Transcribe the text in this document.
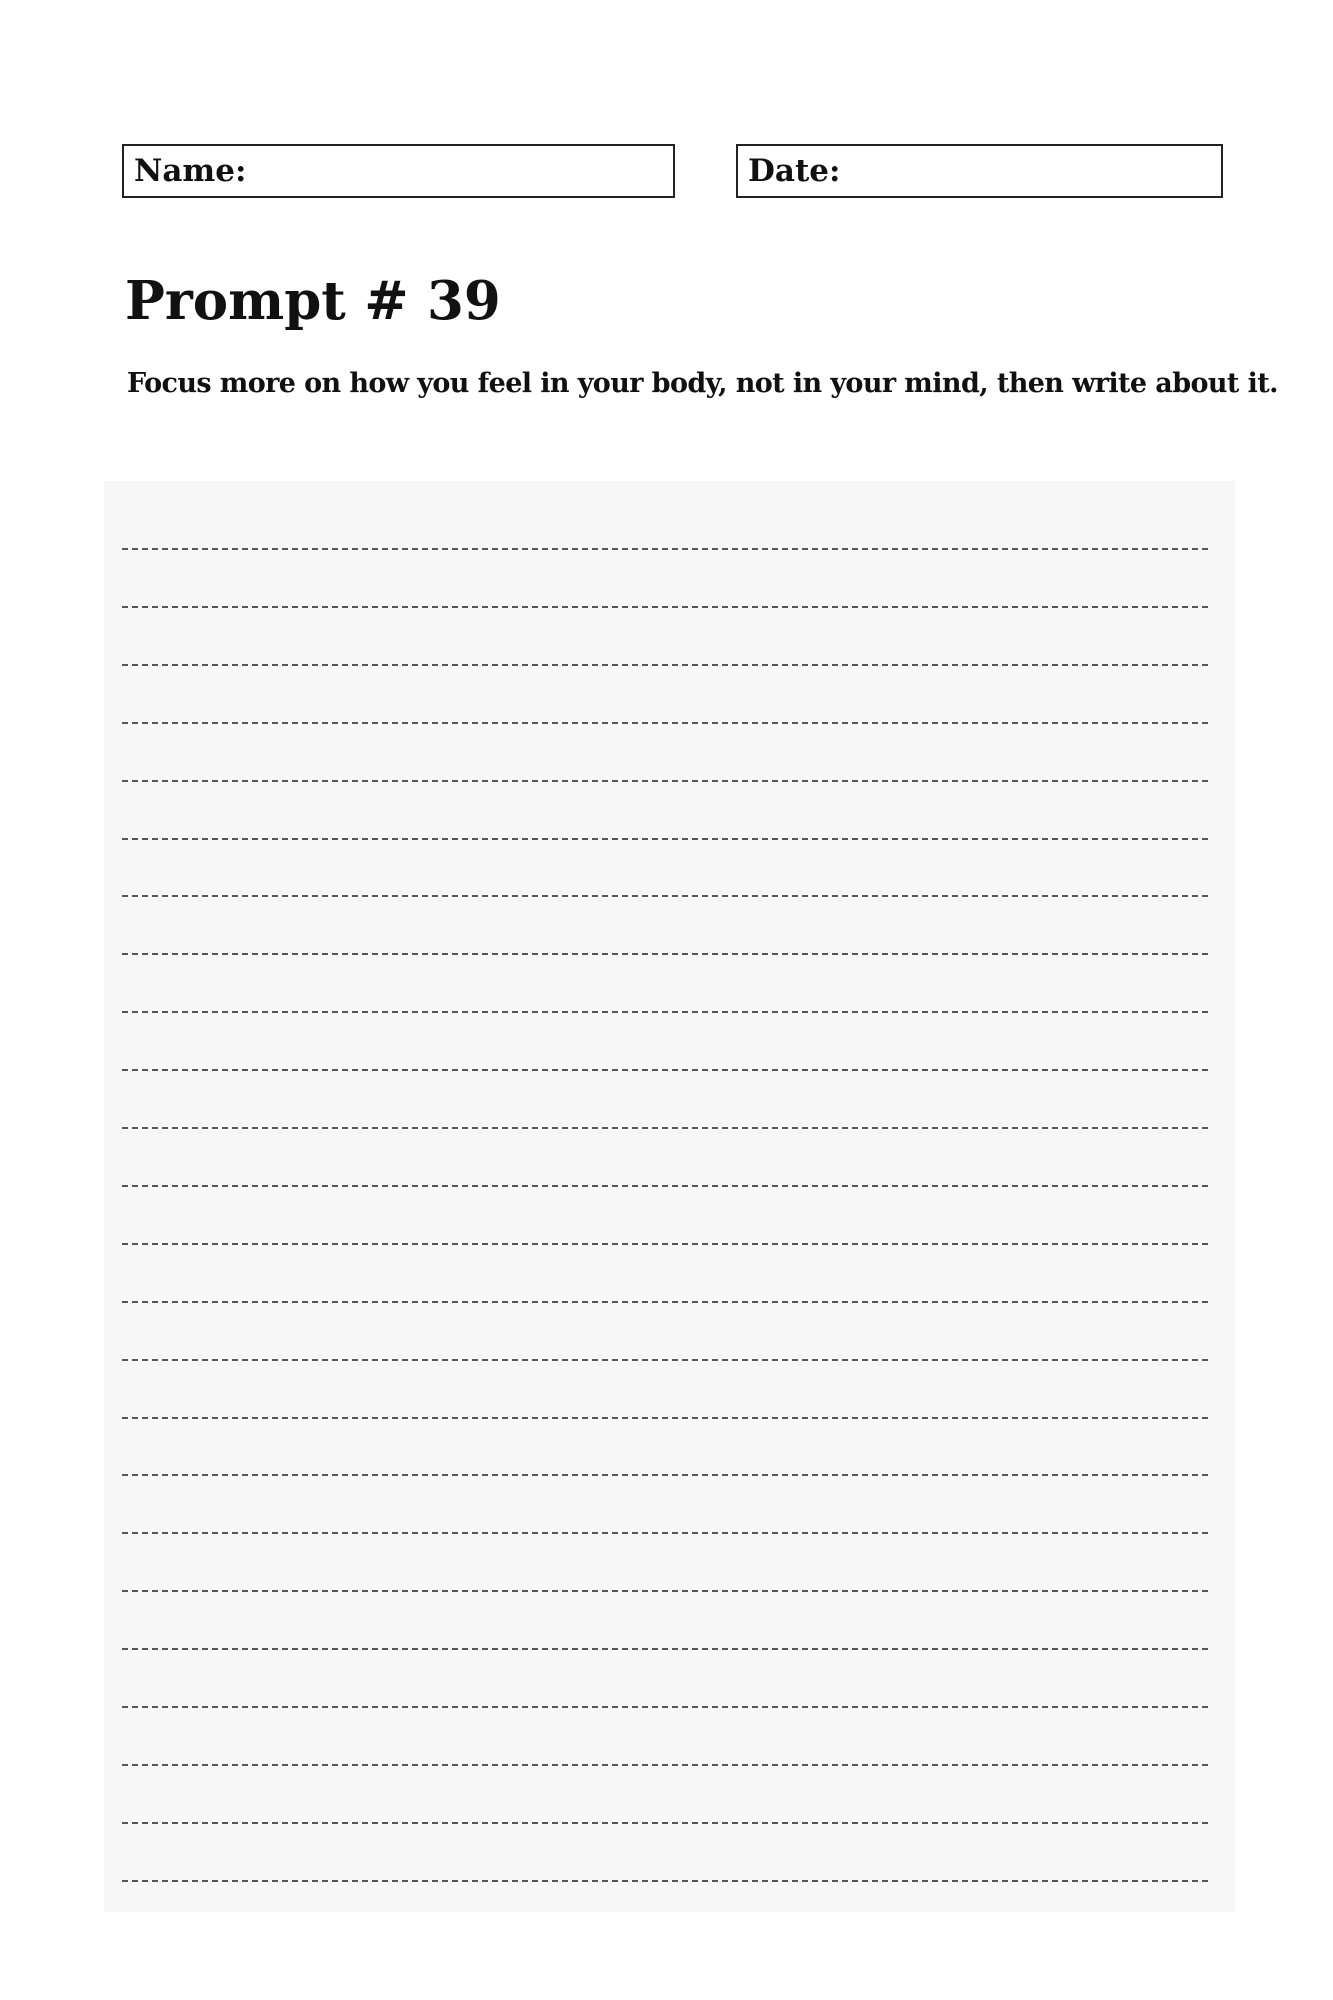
Name:	Date:
Prompt # 39

Focus more on how you feel in your body, not in your mind, then write about it.
